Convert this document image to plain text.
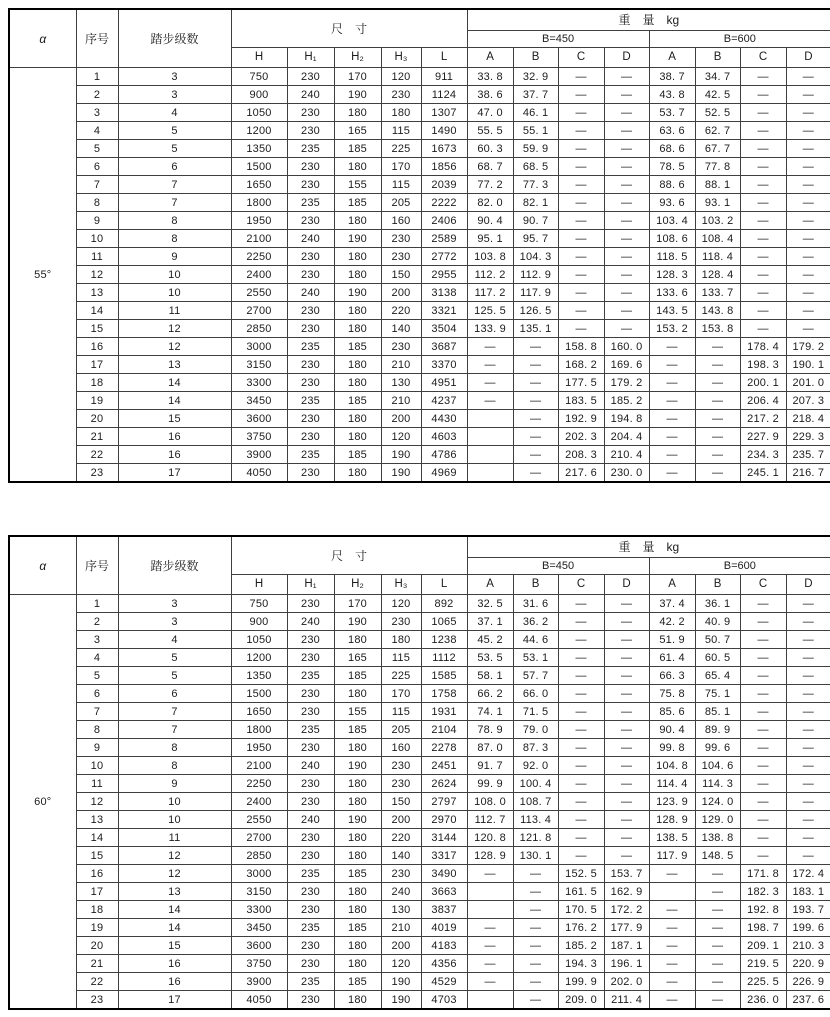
α	序号	踏步级数	尺　寸					重　量　kg							
								B=450				B=600			
			H	H₁	H₂	H₃	L	A	B	C	D	A	B	C	D
55°	1	3	750	230	170	120	911	33. 8	32. 9	—	—	38. 7	34. 7	—	—
	2	3	900	240	190	230	1124	38. 6	37. 7	—	—	43. 8	42. 5	—	—
	3	4	1050	230	180	180	1307	47. 0	46. 1	—	—	53. 7	52. 5	—	—
	4	5	1200	230	165	115	1490	55. 5	55. 1	—	—	63. 6	62. 7	—	—
	5	5	1350	235	185	225	1673	60. 3	59. 9	—	—	68. 6	67. 7	—	—
	6	6	1500	230	180	170	1856	68. 7	68. 5	—	—	78. 5	77. 8	—	—
	7	7	1650	230	155	115	2039	77. 2	77. 3	—	—	88. 6	88. 1	—	—
	8	7	1800	235	185	205	2222	82. 0	82. 1	—	—	93. 6	93. 1	—	—
	9	8	1950	230	180	160	2406	90. 4	90. 7	—	—	103. 4	103. 2	—	—
	10	8	2100	240	190	230	2589	95. 1	95. 7	—	—	108. 6	108. 4	—	—
	11	9	2250	230	180	230	2772	103. 8	104. 3	—	—	118. 5	118. 4	—	—
	12	10	2400	230	180	150	2955	112. 2	112. 9	—	—	128. 3	128. 4	—	—
	13	10	2550	240	190	200	3138	117. 2	117. 9	—	—	133. 6	133. 7	—	—
	14	11	2700	230	180	220	3321	125. 5	126. 5	—	—	143. 5	143. 8	—	—
	15	12	2850	230	180	140	3504	133. 9	135. 1	—	—	153. 2	153. 8	—	—
	16	12	3000	235	185	230	3687	—	—	158. 8	160. 0	—	—	178. 4	179. 2
	17	13	3150	230	180	210	3370	—	—	168. 2	169. 6	—	—	198. 3	190. 1
	18	14	3300	230	180	130	4951	—	—	177. 5	179. 2	—	—	200. 1	201. 0
	19	14	3450	235	185	210	4237	—	—	183. 5	185. 2	—	—	206. 4	207. 3
	20	15	3600	230	180	200	4430		—	192. 9	194. 8	—	—	217. 2	218. 4
	21	16	3750	230	180	120	4603		—	202. 3	204. 4	—	—	227. 9	229. 3
	22	16	3900	235	185	190	4786		—	208. 3	210. 4	—	—	234. 3	235. 7
	23	17	4050	230	180	190	4969		—	217. 6	230. 0	—	—	245. 1	216. 7
α	序号	踏步级数	尺　寸					重　量　kg							
								B=450				B=600			
			H	H₁	H₂	H₃	L	A	B	C	D	A	B	C	D
60°	1	3	750	230	170	120	892	32. 5	31. 6	—	—	37. 4	36. 1	—	—
	2	3	900	240	190	230	1065	37. 1	36. 2	—	—	42. 2	40. 9	—	—
	3	4	1050	230	180	180	1238	45. 2	44. 6	—	—	51. 9	50. 7	—	—
	4	5	1200	230	165	115	1112	53. 5	53. 1	—	—	61. 4	60. 5	—	—
	5	5	1350	235	185	225	1585	58. 1	57. 7	—	—	66. 3	65. 4	—	—
	6	6	1500	230	180	170	1758	66. 2	66. 0	—	—	75. 8	75. 1	—	—
	7	7	1650	230	155	115	1931	74. 1	71. 5	—	—	85. 6	85. 1	—	—
	8	7	1800	235	185	205	2104	78. 9	79. 0	—	—	90. 4	89. 9	—	—
	9	8	1950	230	180	160	2278	87. 0	87. 3	—	—	99. 8	99. 6	—	—
	10	8	2100	240	190	230	2451	91. 7	92. 0	—	—	104. 8	104. 6	—	—
	11	9	2250	230	180	230	2624	99. 9	100. 4	—	—	114. 4	114. 3	—	—
	12	10	2400	230	180	150	2797	108. 0	108. 7	—	—	123. 9	124. 0	—	—
	13	10	2550	240	190	200	2970	112. 7	113. 4	—	—	128. 9	129. 0	—	—
	14	11	2700	230	180	220	3144	120. 8	121. 8	—	—	138. 5	138. 8	—	—
	15	12	2850	230	180	140	3317	128. 9	130. 1	—	—	117. 9	148. 5	—	—
	16	12	3000	235	185	230	3490	—	—	152. 5	153. 7	—	—	171. 8	172. 4
	17	13	3150	230	180	240	3663		—	161. 5	162. 9		—	182. 3	183. 1
	18	14	3300	230	180	130	3837		—	170. 5	172. 2	—	—	192. 8	193. 7
	19	14	3450	235	185	210	4019	—	—	176. 2	177. 9	—	—	198. 7	199. 6
	20	15	3600	230	180	200	4183	—	—	185. 2	187. 1	—	—	209. 1	210. 3
	21	16	3750	230	180	120	4356	—	—	194. 3	196. 1	—	—	219. 5	220. 9
	22	16	3900	235	185	190	4529	—	—	199. 9	202. 0	—	—	225. 5	226. 9
	23	17	4050	230	180	190	4703		—	209. 0	211. 4	—	—	236. 0	237. 6
